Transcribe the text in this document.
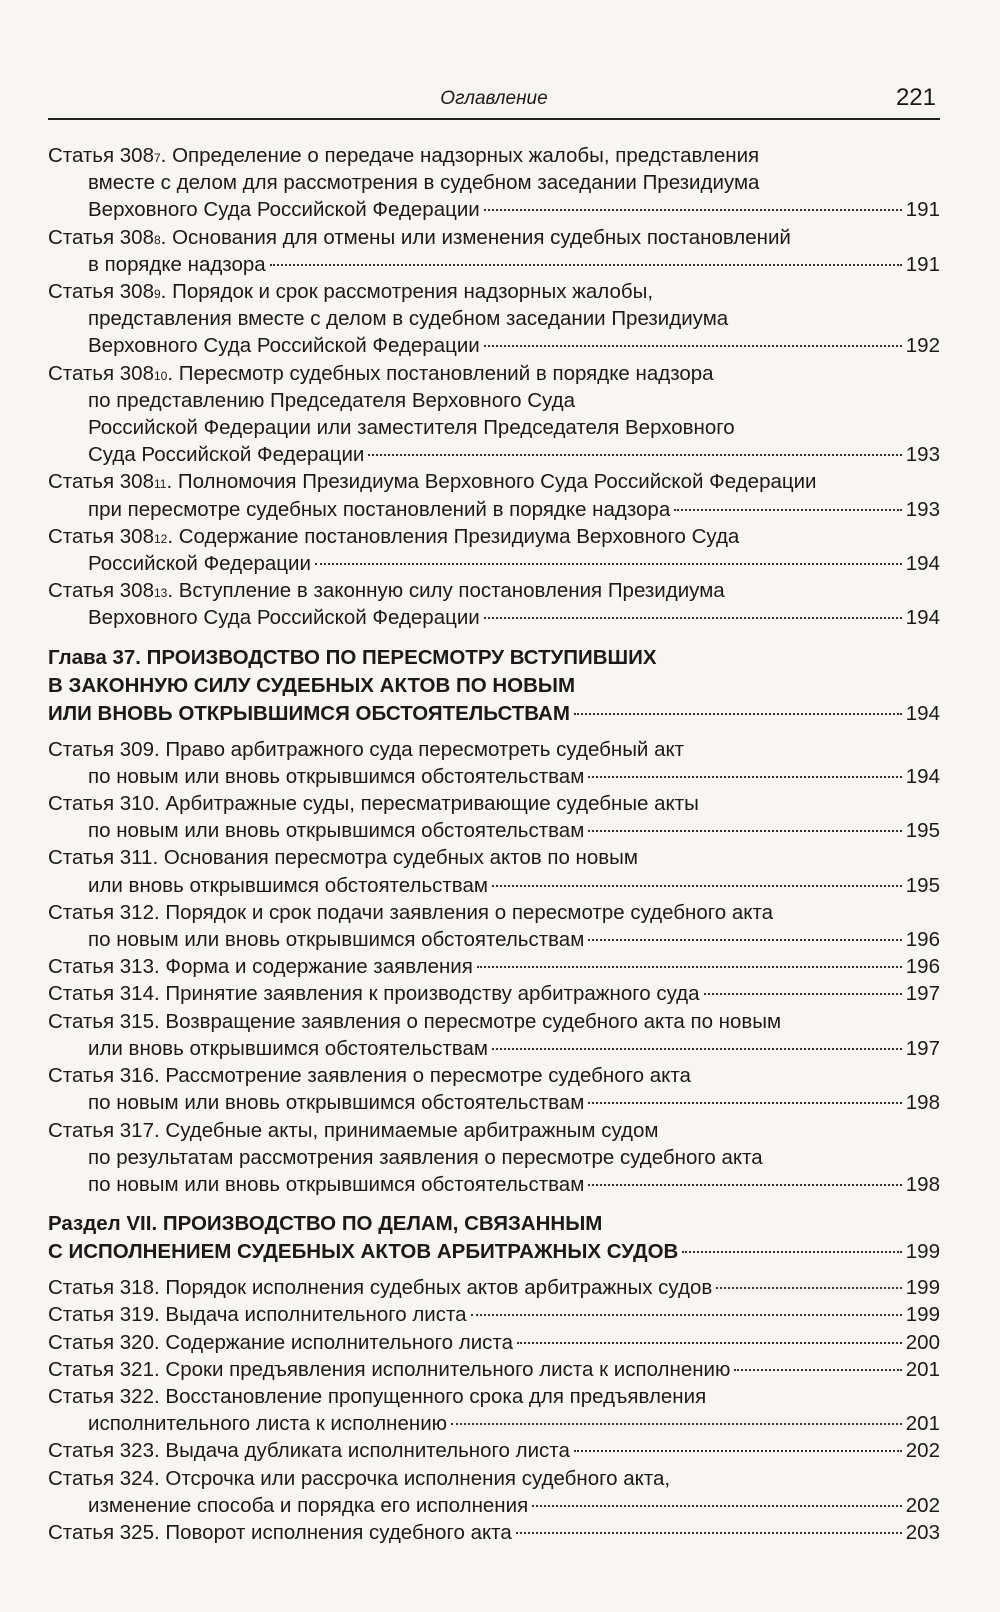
Оглавление	221
Статья 308 7 .
Определение о передаче надзорных жалобы, представления
вместе с делом для рассмотрения в судебном заседании Президиума
Верховного Суда Российской Федерации	191
Статья 308 8 .
Основания для отмены или изменения судебных постановлений
в порядке надзора	191
Статья 308 9 .
Порядок и срок рассмотрения надзорных жалобы,
представления вместе с делом в судебном заседании Президиума
Верховного Суда Российской Федерации	192
Статья 308 10 .
Пересмотр судебных постановлений в порядке надзора
по представлению Председателя Верховного Суда
Российской Федерации или заместителя Председателя Верховного
Суда Российской Федерации	193
Статья 308 11 .
Полномочия Президиума Верховного Суда Российской Федерации
при пересмотре судебных постановлений в порядке надзора	193
Статья 308 12 .
Содержание постановления Президиума Верховного Суда
Российской Федерации	194
Статья 308 13 .
Вступление в законную силу постановления Президиума
Верховного Суда Российской Федерации	194
Глава 37. ПРОИЗВОДСТВО ПО ПЕРЕСМОТРУ ВСТУПИВШИХ
В ЗАКОННУЮ СИЛУ СУДЕБНЫХ АКТОВ ПО НОВЫМ
ИЛИ ВНОВЬ ОТКРЫВШИМСЯ ОБСТОЯТЕЛЬСТВАМ	194
Статья 309.
Право арбитражного суда пересмотреть судебный акт
по новым или вновь открывшимся обстоятельствам	194
Статья 310.
Арбитражные суды, пересматривающие судебные акты
по новым или вновь открывшимся обстоятельствам	195
Статья 311.
Основания пересмотра судебных актов по новым
или вновь открывшимся обстоятельствам	195
Статья 312.
Порядок и срок подачи заявления о пересмотре судебного акта
по новым или вновь открывшимся обстоятельствам	196
Статья 313.
Форма и содержание заявления	196
Статья 314.
Принятие заявления к производству арбитражного суда	197
Статья 315.
Возвращение заявления о пересмотре судебного акта по новым
или вновь открывшимся обстоятельствам	197
Статья 316.
Рассмотрение заявления о пересмотре судебного акта
по новым или вновь открывшимся обстоятельствам	198
Статья 317.
Судебные акты, принимаемые арбитражным судом
по результатам рассмотрения заявления о пересмотре судебного акта
по новым или вновь открывшимся обстоятельствам	198
Раздел VII. ПРОИЗВОДСТВО ПО ДЕЛАМ, СВЯЗАННЫМ
С ИСПОЛНЕНИЕМ СУДЕБНЫХ АКТОВ АРБИТРАЖНЫХ СУДОВ	199
Статья 318.
Порядок исполнения судебных актов арбитражных судов	199
Статья 319.
Выдача исполнительного листа	199
Статья 320.
Содержание исполнительного листа	200
Статья 321.
Сроки предъявления исполнительного листа к исполнению	201
Статья 322.
Восстановление пропущенного срока для предъявления
исполнительного листа к исполнению	201
Статья 323.
Выдача дубликата исполнительного листа	202
Статья 324.
Отсрочка или рассрочка исполнения судебного акта,
изменение способа и порядка его исполнения	202
Статья 325.
Поворот исполнения судебного акта	203
